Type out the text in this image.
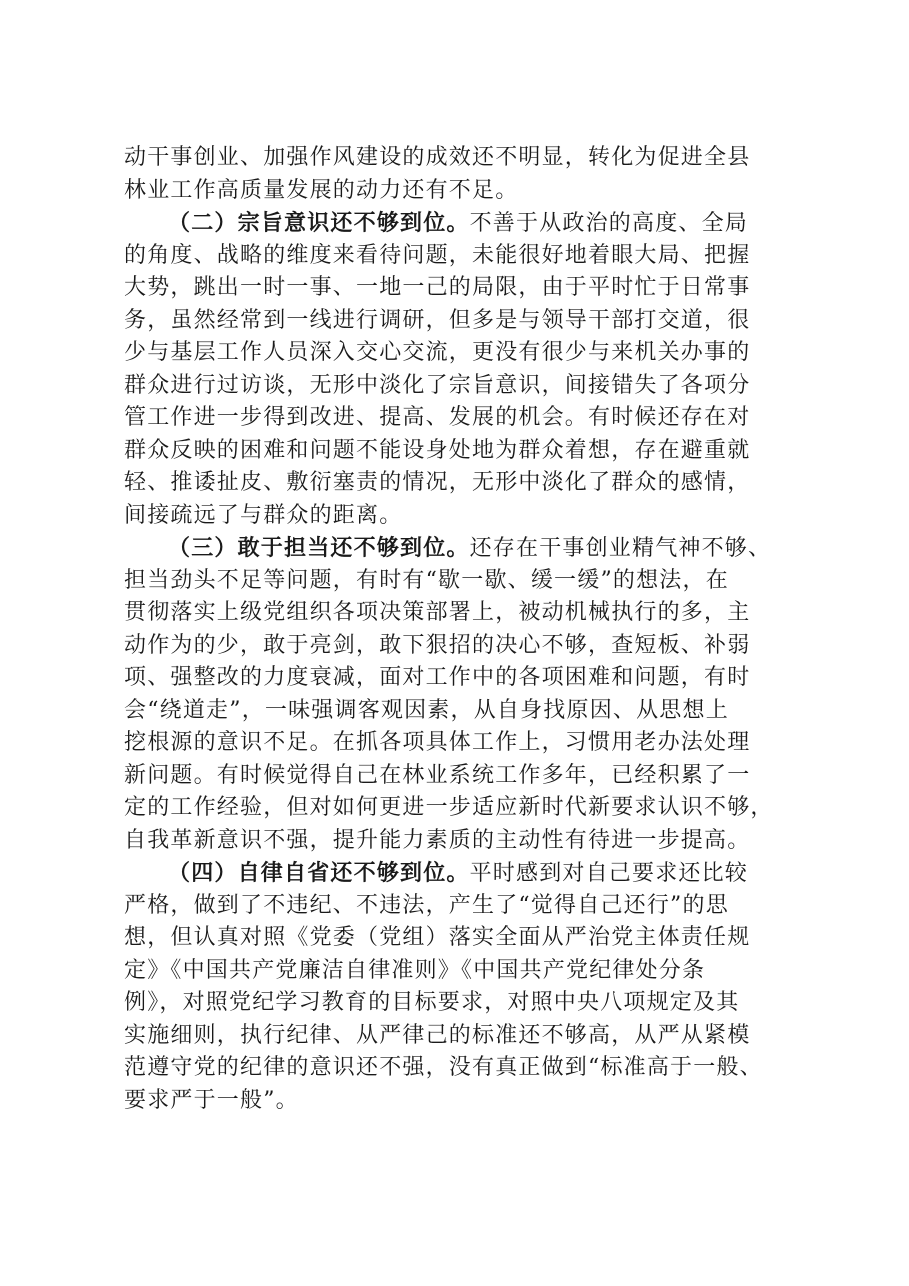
动干事创业、加强作风建设的成效还不明显，转化为促进全县
林业工作高质量发展的动力还有不足。
（二）宗旨意识还不够到位。不善于从政治的高度、全局
的角度、战略的维度来看待问题，未能很好地着眼大局、把握
大势，跳出一时一事、一地一己的局限，由于平时忙于日常事
务，虽然经常到一线进行调研，但多是与领导干部打交道，很
少与基层工作人员深入交心交流，更没有很少与来机关办事的
群众进行过访谈，无形中淡化了宗旨意识，间接错失了各项分
管工作进一步得到改进、提高、发展的机会。有时候还存在对
群众反映的困难和问题不能设身处地为群众着想，存在避重就
轻、推诿扯皮、敷衍塞责的情况，无形中淡化了群众的感情，
间接疏远了与群众的距离。
（三）敢于担当还不够到位。还存在干事创业精气神不够、
担当劲头不足等问题，有时有“歇一歇、缓一缓”的想法，在
贯彻落实上级党组织各项决策部署上，被动机械执行的多，主
动作为的少，敢于亮剑，敢下狠招的决心不够，查短板、补弱
项、强整改的力度衰减，面对工作中的各项困难和问题，有时
会“绕道走”，一味强调客观因素，从自身找原因、从思想上
挖根源的意识不足。在抓各项具体工作上，习惯用老办法处理
新问题。有时候觉得自己在林业系统工作多年，已经积累了一
定的工作经验，但对如何更进一步适应新时代新要求认识不够，
自我革新意识不强，提升能力素质的主动性有待进一步提高。
（四）自律自省还不够到位。平时感到对自己要求还比较
严格，做到了不违纪、不违法，产生了“觉得自己还行”的思
想，但认真对照《党委（党组）落实全面从严治党主体责任规
定》《中国共产党廉洁自律准则》《中国共产党纪律处分条
例》，对照党纪学习教育的目标要求，对照中央八项规定及其
实施细则，执行纪律、从严律己的标准还不够高，从严从紧模
范遵守党的纪律的意识还不强，没有真正做到“标准高于一般、
要求严于一般”。
